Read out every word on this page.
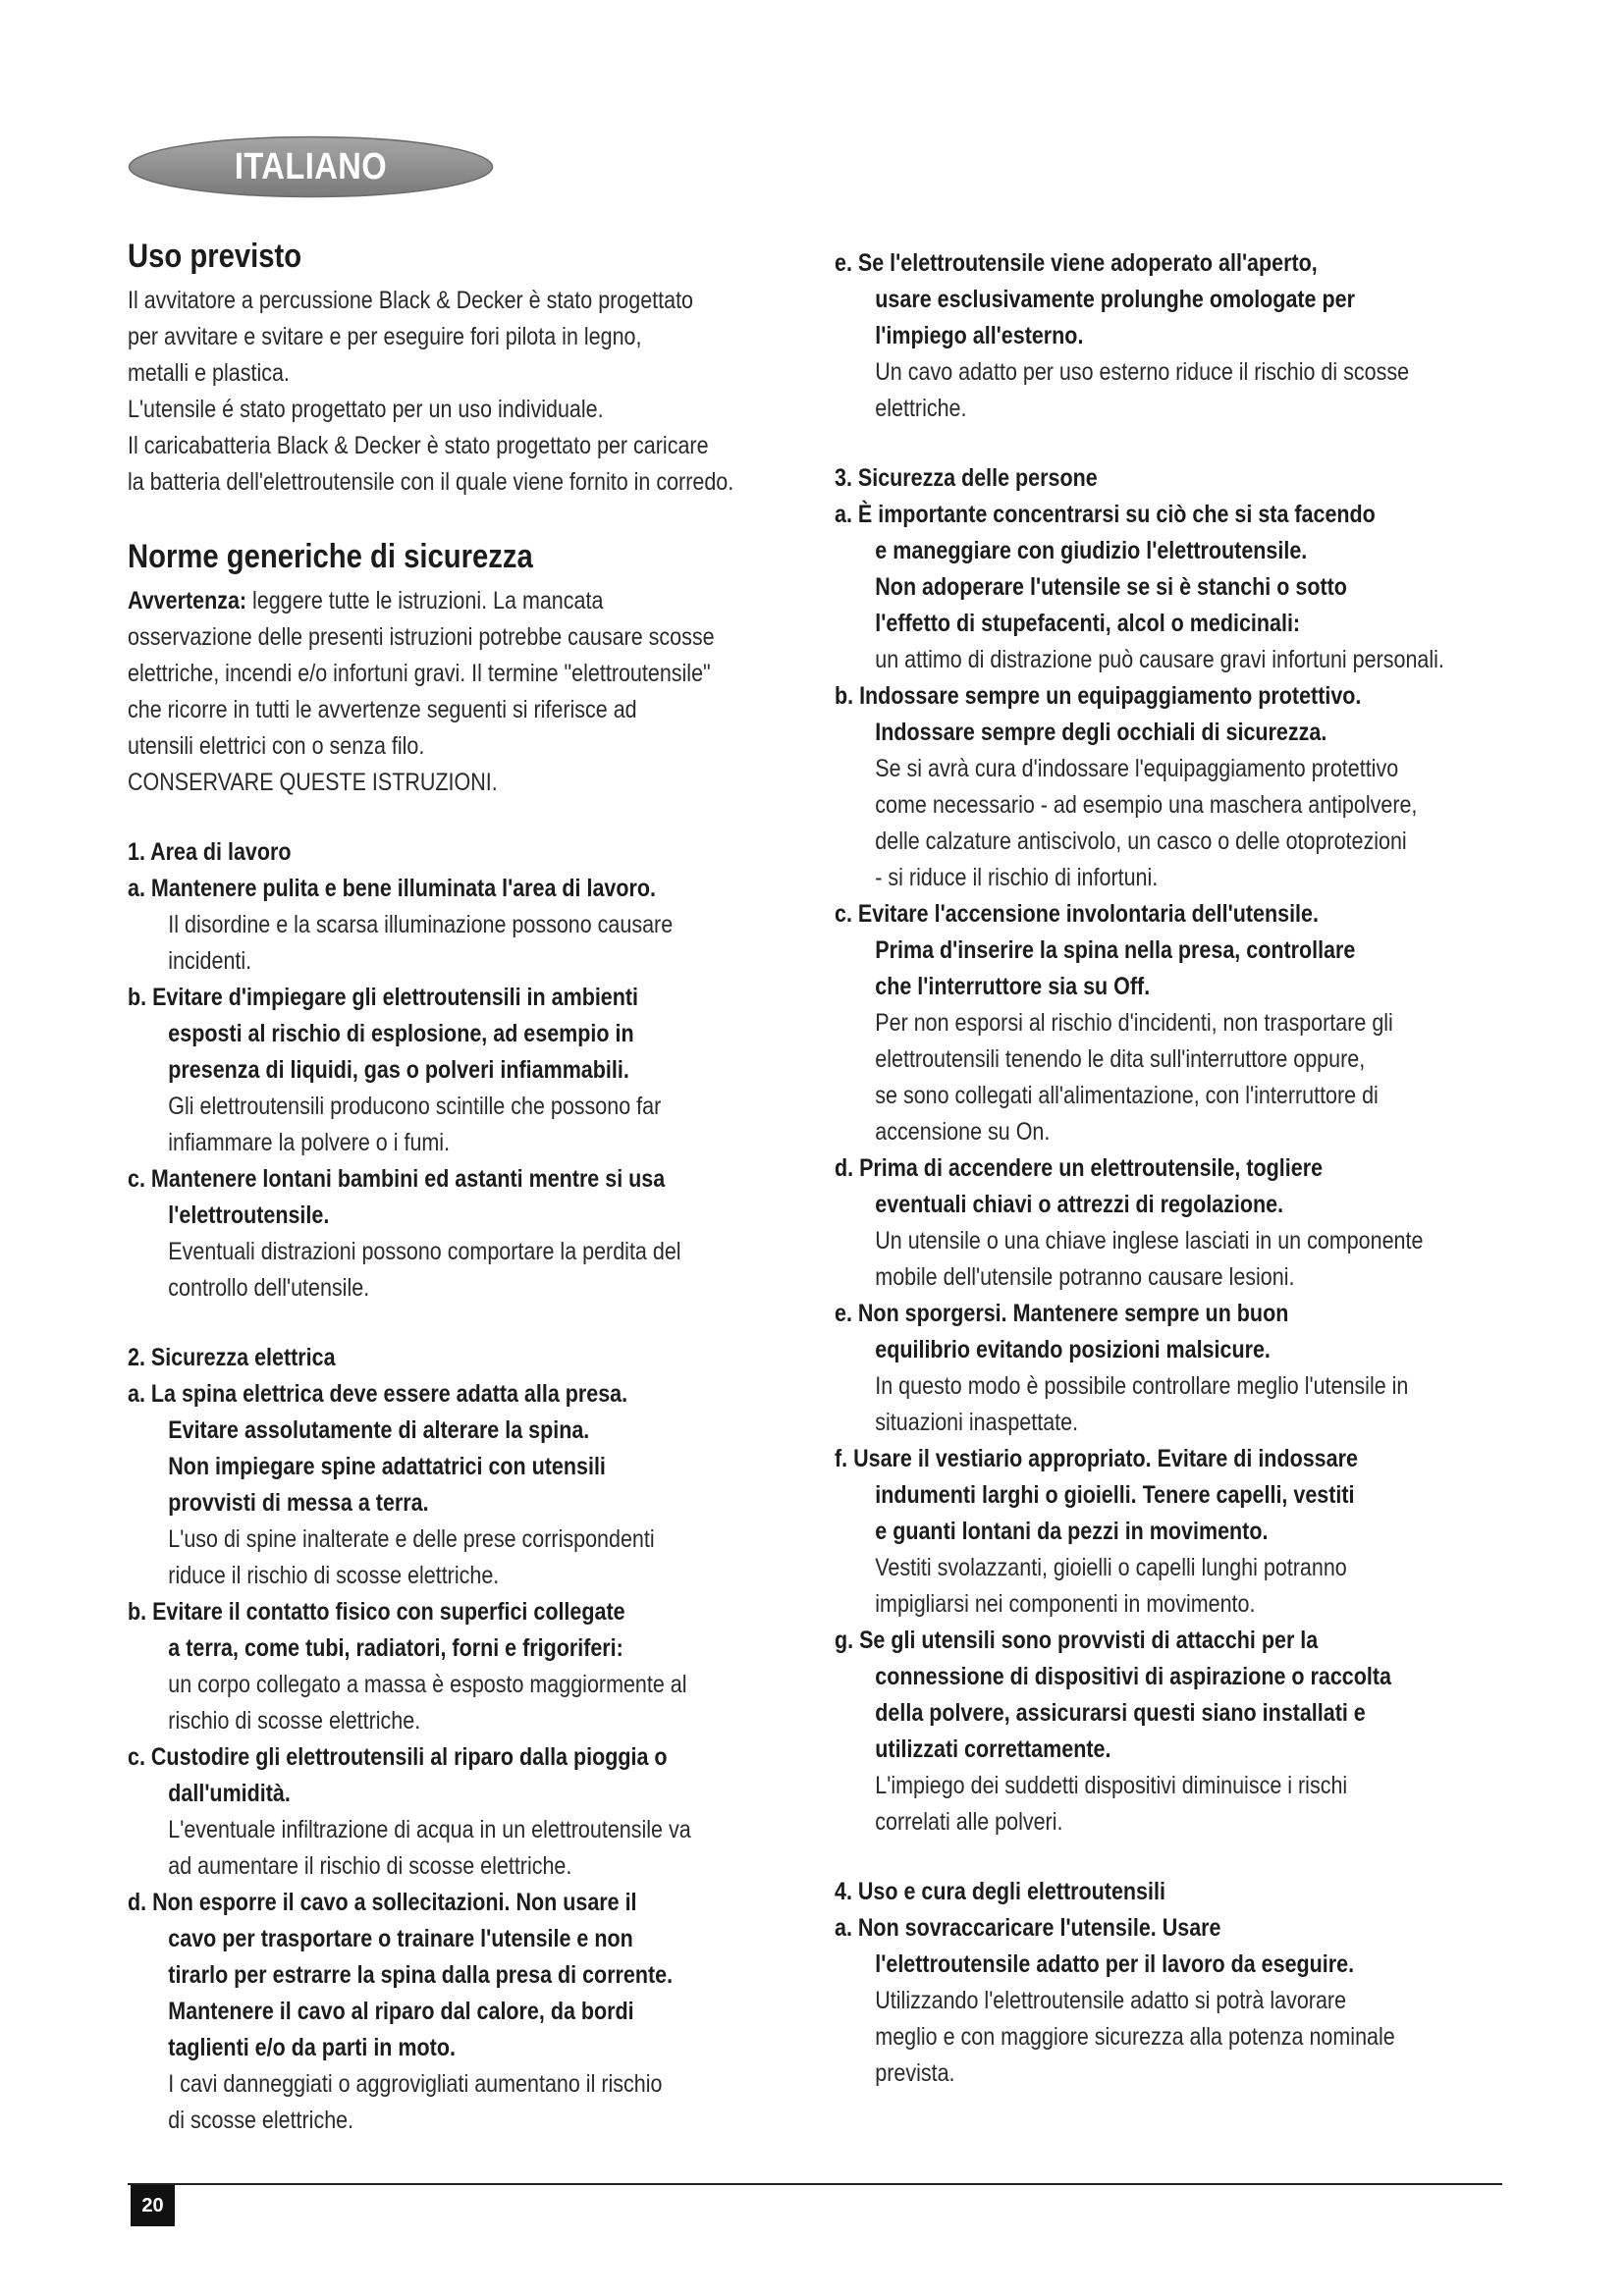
ITALIANO
Uso previsto

Il avvitatore a percussione Black & Decker è stato progettato
per avvitare e svitare e per eseguire fori pilota in legno,
metalli e plastica.
L'utensile é stato progettato per un uso individuale.
Il caricabatteria Black & Decker è stato progettato per caricare
la batteria dell'elettroutensile con il quale viene fornito in corredo.

Norme generiche di sicurezza

Avvertenza: leggere tutte le istruzioni. La mancata
osservazione delle presenti istruzioni potrebbe causare scosse
elettriche, incendi e/o infortuni gravi. Il termine "elettroutensile"
che ricorre in tutti le avvertenze seguenti si riferisce ad
utensili elettrici con o senza filo.
CONSERVARE QUESTE ISTRUZIONI.

1. Area di lavoro
a. Mantenere pulita e bene illuminata l'area di lavoro.
Il disordine e la scarsa illuminazione possono causare
incidenti.
b. Evitare d'impiegare gli elettroutensili in ambienti
esposti al rischio di esplosione, ad esempio in
presenza di liquidi, gas o polveri infiammabili.
Gli elettroutensili producono scintille che possono far
infiammare la polvere o i fumi.
c. Mantenere lontani bambini ed astanti mentre si usa
l'elettroutensile.
Eventuali distrazioni possono comportare la perdita del
controllo dell'utensile.
2. Sicurezza elettrica
a. La spina elettrica deve essere adatta alla presa.
Evitare assolutamente di alterare la spina.
Non impiegare spine adattatrici con utensili
provvisti di messa a terra.
L'uso di spine inalterate e delle prese corrispondenti
riduce il rischio di scosse elettriche.
b. Evitare il contatto fisico con superfici collegate
a terra, come tubi, radiatori, forni e frigoriferi:
un corpo collegato a massa è esposto maggiormente al
rischio di scosse elettriche.
c. Custodire gli elettroutensili al riparo dalla pioggia o
dall'umidità.
L'eventuale infiltrazione di acqua in un elettroutensile va
ad aumentare il rischio di scosse elettriche.
d. Non esporre il cavo a sollecitazioni. Non usare il
cavo per trasportare o trainare l'utensile e non
tirarlo per estrarre la spina dalla presa di corrente.
Mantenere il cavo al riparo dal calore, da bordi
taglienti e/o da parti in moto.
I cavi danneggiati o aggrovigliati aumentano il rischio
di scosse elettriche.
e. Se l'elettroutensile viene adoperato all'aperto,
usare esclusivamente prolunghe omologate per
l'impiego all'esterno.
Un cavo adatto per uso esterno riduce il rischio di scosse
elettriche.
3. Sicurezza delle persone
a. È importante concentrarsi su ciò che si sta facendo
e maneggiare con giudizio l'elettroutensile.
Non adoperare l'utensile se si è stanchi o sotto
l'effetto di stupefacenti, alcol o medicinali:
un attimo di distrazione può causare gravi infortuni personali.
b. Indossare sempre un equipaggiamento protettivo.
Indossare sempre degli occhiali di sicurezza.
Se si avrà cura d'indossare l'equipaggiamento protettivo
come necessario - ad esempio una maschera antipolvere,
delle calzature antiscivolo, un casco o delle otoprotezioni
- si riduce il rischio di infortuni.
c. Evitare l'accensione involontaria dell'utensile.
Prima d'inserire la spina nella presa, controllare
che l'interruttore sia su Off.
Per non esporsi al rischio d'incidenti, non trasportare gli
elettroutensili tenendo le dita sull'interruttore oppure,
se sono collegati all'alimentazione, con l'interruttore di
accensione su On.
d. Prima di accendere un elettroutensile, togliere
eventuali chiavi o attrezzi di regolazione.
Un utensile o una chiave inglese lasciati in un componente
mobile dell'utensile potranno causare lesioni.
e. Non sporgersi. Mantenere sempre un buon
equilibrio evitando posizioni malsicure.
In questo modo è possibile controllare meglio l'utensile in
situazioni inaspettate.
f. Usare il vestiario appropriato. Evitare di indossare
indumenti larghi o gioielli. Tenere capelli, vestiti
e guanti lontani da pezzi in movimento.
Vestiti svolazzanti, gioielli o capelli lunghi potranno
impigliarsi nei componenti in movimento.
g. Se gli utensili sono provvisti di attacchi per la
connessione di dispositivi di aspirazione o raccolta
della polvere, assicurarsi questi siano installati e
utilizzati correttamente.
L'impiego dei suddetti dispositivi diminuisce i rischi
correlati alle polveri.
4. Uso e cura degli elettroutensili
a. Non sovraccaricare l'utensile. Usare
l'elettroutensile adatto per il lavoro da eseguire.
Utilizzando l'elettroutensile adatto si potrà lavorare
meglio e con maggiore sicurezza alla potenza nominale
prevista.
20
